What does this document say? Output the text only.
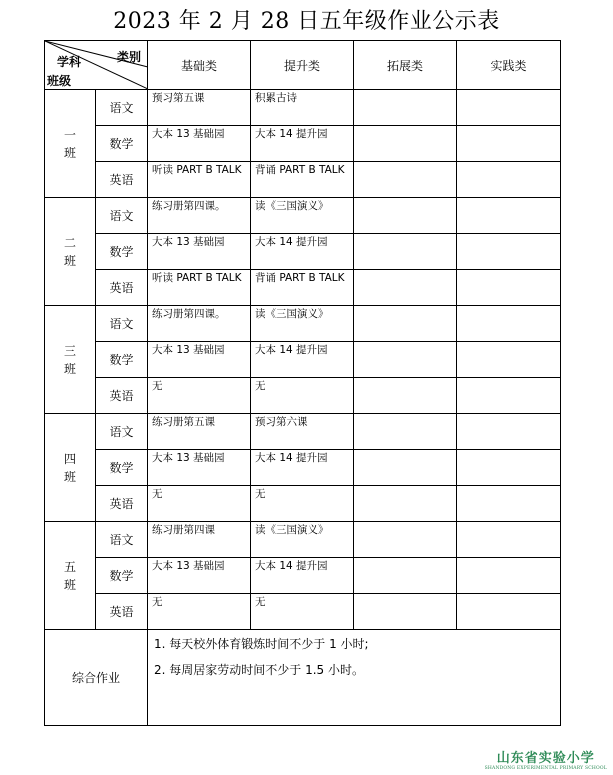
2023 年 2 月 28 日五年级作业公示表
类别
学科
班级		基础类	提升类	拓展类	实践类

一
班	语文	预习第五课	积累古诗		
	数学	大本 13 基础园	大本 14 提升园		
	英语	听读 PART B TALK	背诵 PART B TALK		

二
班	语文	练习册第四课。	读《三国演义》		
	数学	大本 13 基础园	大本 14 提升园		
	英语	听读 PART B TALK	背诵 PART B TALK		

三
班	语文	练习册第四课。	读《三国演义》		
	数学	大本 13 基础园	大本 14 提升园		
	英语	无	无		

四
班	语文	练习册第五课	预习第六课		
	数学	大本 13 基础园	大本 14 提升园		
	英语	无	无		

五
班	语文	练习册第四课	读《三国演义》		
	数学	大本 13 基础园	大本 14 提升园		
	英语	无	无		
综合作业		1. 每天校外体育锻炼时间不少于 1 小时;
2. 每周居家劳动时间不少于 1.5 小时。			
山东省实验小学
SHANDONG EXPERIMENTAL PRIMARY SCHOOL
